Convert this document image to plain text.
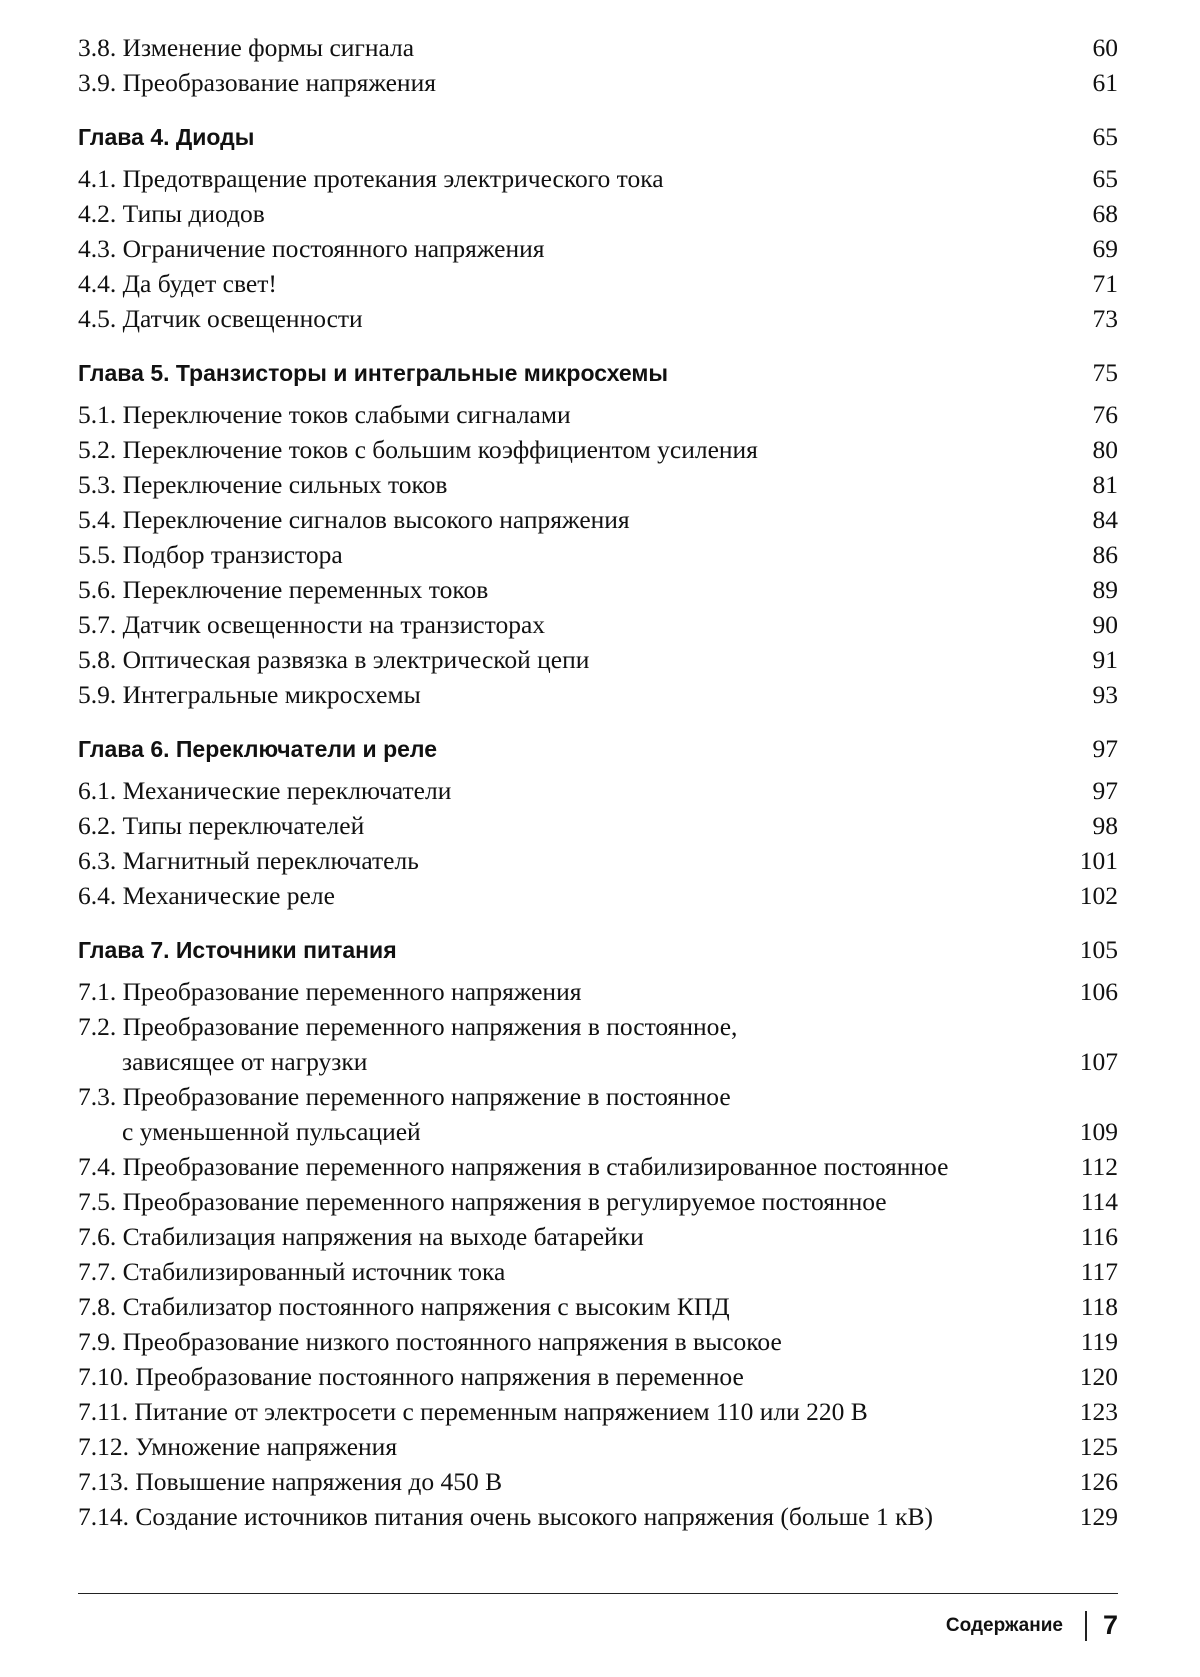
3.8. Изменение формы сигнала	60
3.9. Преобразование напряжения	61
Глава 4. Диоды	65
4.1. Предотвращение протекания электрического тока	65
4.2. Типы диодов	68
4.3. Ограничение постоянного напряжения	69
4.4. Да будет свет!	71
4.5. Датчик освещенности	73
Глава 5. Транзисторы и интегральные микросхемы	75
5.1. Переключение токов слабыми сигналами	76
5.2. Переключение токов с большим коэффициентом усиления	80
5.3. Переключение сильных токов	81
5.4. Переключение сигналов высокого напряжения	84
5.5. Подбор транзистора	86
5.6. Переключение переменных токов	89
5.7. Датчик освещенности на транзисторах	90
5.8. Оптическая развязка в электрической цепи	91
5.9. Интегральные микросхемы	93
Глава 6. Переключатели и реле	97
6.1. Механические переключатели	97
6.2. Типы переключателей	98
6.3. Магнитный переключатель	101
6.4. Механические реле	102
Глава 7. Источники питания	105
7.1. Преобразование переменного напряжения	106
7.2. Преобразование переменного напряжения в постоянное,
зависящее от нагрузки	107
7.3. Преобразование переменного напряжение в постоянное
с уменьшенной пульсацией	109
7.4. Преобразование переменного напряжения в стабилизированное постоянное	112
7.5. Преобразование переменного напряжения в регулируемое постоянное	114
7.6. Стабилизация напряжения на выходе батарейки	116
7.7. Стабилизированный источник тока	117
7.8. Стабилизатор постоянного напряжения с высоким КПД	118
7.9. Преобразование низкого постоянного напряжения в высокое	119
7.10. Преобразование постоянного напряжения в переменное	120
7.11. Питание от электросети с переменным напряжением 110 или 220 В	123
7.12. Умножение напряжения	125
7.13. Повышение напряжения до 450 В	126
7.14. Создание источников питания очень высокого напряжения (больше 1 кВ)	129
Содержание 7
